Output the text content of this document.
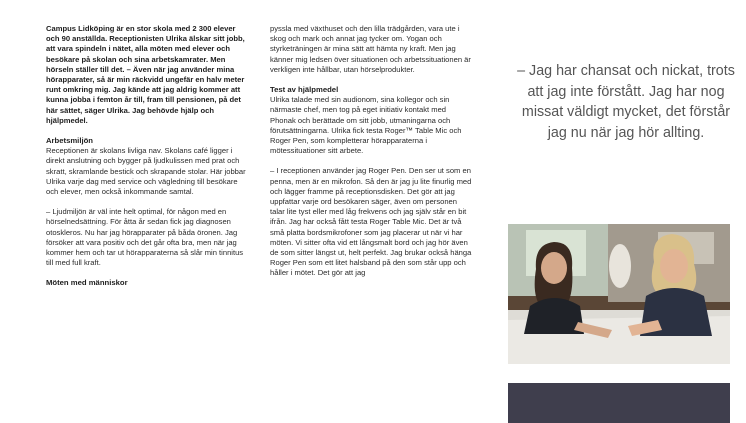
Campus Lidköping är en stor skola med 2 300 elever och 90 anställda. Receptionisten Ulrika älskar sitt jobb, att vara spindeln i nätet, alla möten med elever och besökare på skolan och sina arbetskamrater. Men hörseln ställer till det. – Även när jag använder mina hörapparater, så är min räckvidd ungefär en halv meter runt omkring mig. Jag kände att jag aldrig kommer att kunna jobba i femton år till, fram till pensionen, på det här sättet, säger Ulrika. Jag behövde hjälp och hjälpmedel.

Arbetsmiljön

Receptionen är skolans livliga nav. Skolans café ligger i direkt anslutning och bygger på ljudkulissen med prat och skratt, skramlande bestick och skrapande stolar. Här jobbar Ulrika varje dag med service och vägledning till besökare och elever, men också inkommande samtal.

– Ljudmiljön är väl inte helt optimal, för någon med en hörselnedsättning. För åtta år sedan fick jag diagnosen otoskleros. Nu har jag hörapparater på båda öronen. Jag försöker att vara positiv och det går ofta bra, men när jag kommer hem och tar ut hörapparaterna så slår min tinnitus till med full kraft.

Möten med människor

pyssla med växthuset och den lilla trädgården, vara ute i skog och mark och annat jag tycker om. Yogan och styrketräningen är mina sätt att hämta ny kraft. Men jag känner mig ledsen över situationen och arbetssituationen är verkligen inte hållbar, utan hörselprodukter.

Test av hjälpmedel

Ulrika talade med sin audionom, sina kollegor och sin närmaste chef, men tog på eget initiativ kontakt med Phonak och berättade om sitt jobb, utmaningarna och förutsättningarna. Ulrika fick testa Roger™ Table Mic och Roger Pen, som kompletterar hörapparaterna i mötessituationer sitt arbete.

– I receptionen använder jag Roger Pen. Den ser ut som en penna, men är en mikrofon. Så den är jag ju lite finurlig med och lägger framme på receptionsdisken. Det gör att jag uppfattar varje ord besökaren säger, även om personen talar lite tyst eller med låg frekvens och jag själv står en bit ifrån. Jag har också fått testa Roger Table Mic. Det är två små platta bordsmikrofoner som jag placerar ut när vi har möten. Vi sitter ofta vid ett långsmalt bord och jag hör även de som sitter längst ut, helt perfekt. Jag brukar också hänga Roger Pen som ett litet halsband på den som står upp och håller i mötet. Det gör att jag

– Jag har chansat och nickat, trots att jag inte förstått. Jag har nog missat väldigt mycket, det förstår jag nu när jag hör allting.
